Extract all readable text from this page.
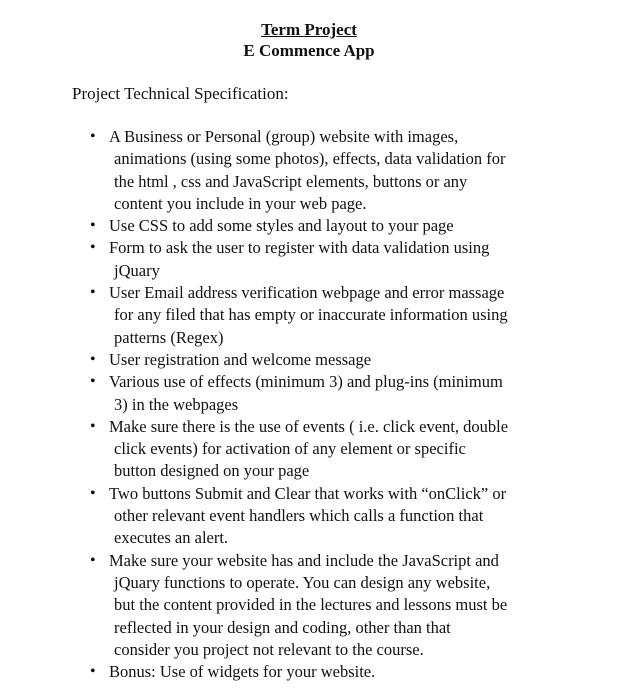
Term Project
E Commence App
Project Technical Specification:
• A Business or Personal (group) website with images,
animations (using some photos), effects, data validation for
the html , css and JavaScript elements, buttons or any
content you include in your web page.
• Use CSS to add some styles and layout to your page
• Form to ask the user to register with data validation using
jQuary
• User Email address verification webpage and error massage
for any filed that has empty or inaccurate information using
patterns (Regex)
• User registration and welcome message
• Various use of effects (minimum 3) and plug-ins (minimum
3) in the webpages
• Make sure there is the use of events ( i.e. click event, double
click events) for activation of any element or specific
button designed on your page
• Two buttons Submit and Clear that works with “onClick” or
other relevant event handlers which calls a function that
executes an alert.
• Make sure your website has and include the JavaScript and
jQuary functions to operate. You can design any website,
but the content provided in the lectures and lessons must be
reflected in your design and coding, other than that
consider you project not relevant to the course.
• Bonus: Use of widgets for your website.
